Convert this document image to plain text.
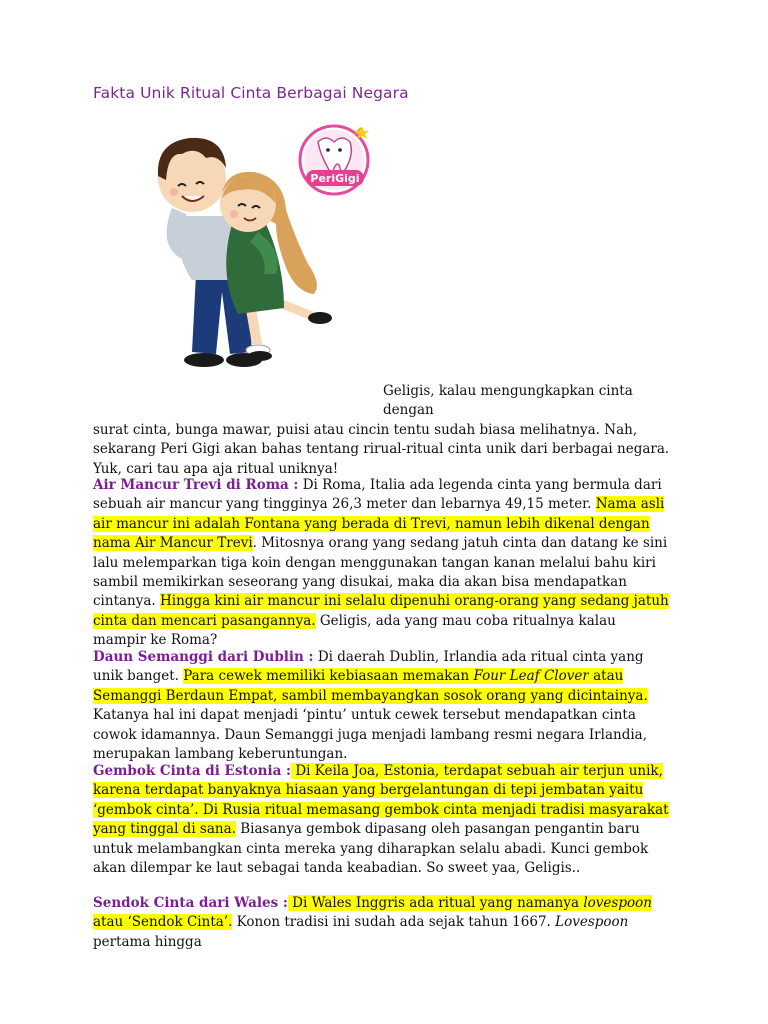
Fakta Unik Ritual Cinta Berbagai Negara
PeriGigi
Geligis, kalau mengungkapkan cinta dengan
surat cinta, bunga mawar, puisi atau cincin tentu sudah biasa melihatnya. Nah, sekarang Peri Gigi akan bahas tentang rirual-ritual cinta unik dari berbagai negara. Yuk, cari tau apa aja ritual uniknya!
Air Mancur Trevi di Roma : Di Roma, Italia ada legenda cinta yang bermula dari sebuah air mancur yang tingginya 26,3 meter dan lebarnya 49,15 meter. Nama asli air mancur ini adalah Fontana yang berada di Trevi, namun lebih dikenal dengan nama Air Mancur Trevi. Mitosnya orang yang sedang jatuh cinta dan datang ke sini lalu melemparkan tiga koin dengan menggunakan tangan kanan melalui bahu kiri sambil memikirkan seseorang yang disukai, maka dia akan bisa mendapatkan cintanya. Hingga kini air mancur ini selalu dipenuhi orang-orang yang sedang jatuh cinta dan mencari pasangannya. Geligis, ada yang mau coba ritualnya kalau mampir ke Roma?
Daun Semanggi dari Dublin : Di daerah Dublin, Irlandia ada ritual cinta yang unik banget. Para cewek memiliki kebiasaan memakan Four Leaf Clover atau Semanggi Berdaun Empat, sambil membayangkan sosok orang yang dicintainya. Katanya hal ini dapat menjadi ‘pintu’ untuk cewek tersebut mendapatkan cinta cowok idamannya. Daun Semanggi juga menjadi lambang resmi negara Irlandia, merupakan lambang keberuntungan.
Gembok Cinta di Estonia : Di Keila Joa, Estonia, terdapat sebuah air terjun unik, karena terdapat banyaknya hiasaan yang bergelantungan di tepi jembatan yaitu ‘gembok cinta’. Di Rusia ritual memasang gembok cinta menjadi tradisi masyarakat yang tinggal di sana. Biasanya gembok dipasang oleh pasangan pengantin baru untuk melambangkan cinta mereka yang diharapkan selalu abadi. Kunci gembok akan dilempar ke laut sebagai tanda keabadian. So sweet yaa, Geligis..
Sendok Cinta dari Wales : Di Wales Inggris ada ritual yang namanya lovespoon atau ‘Sendok Cinta’. Konon tradisi ini sudah ada sejak tahun 1667. Lovespoon pertama hingga
